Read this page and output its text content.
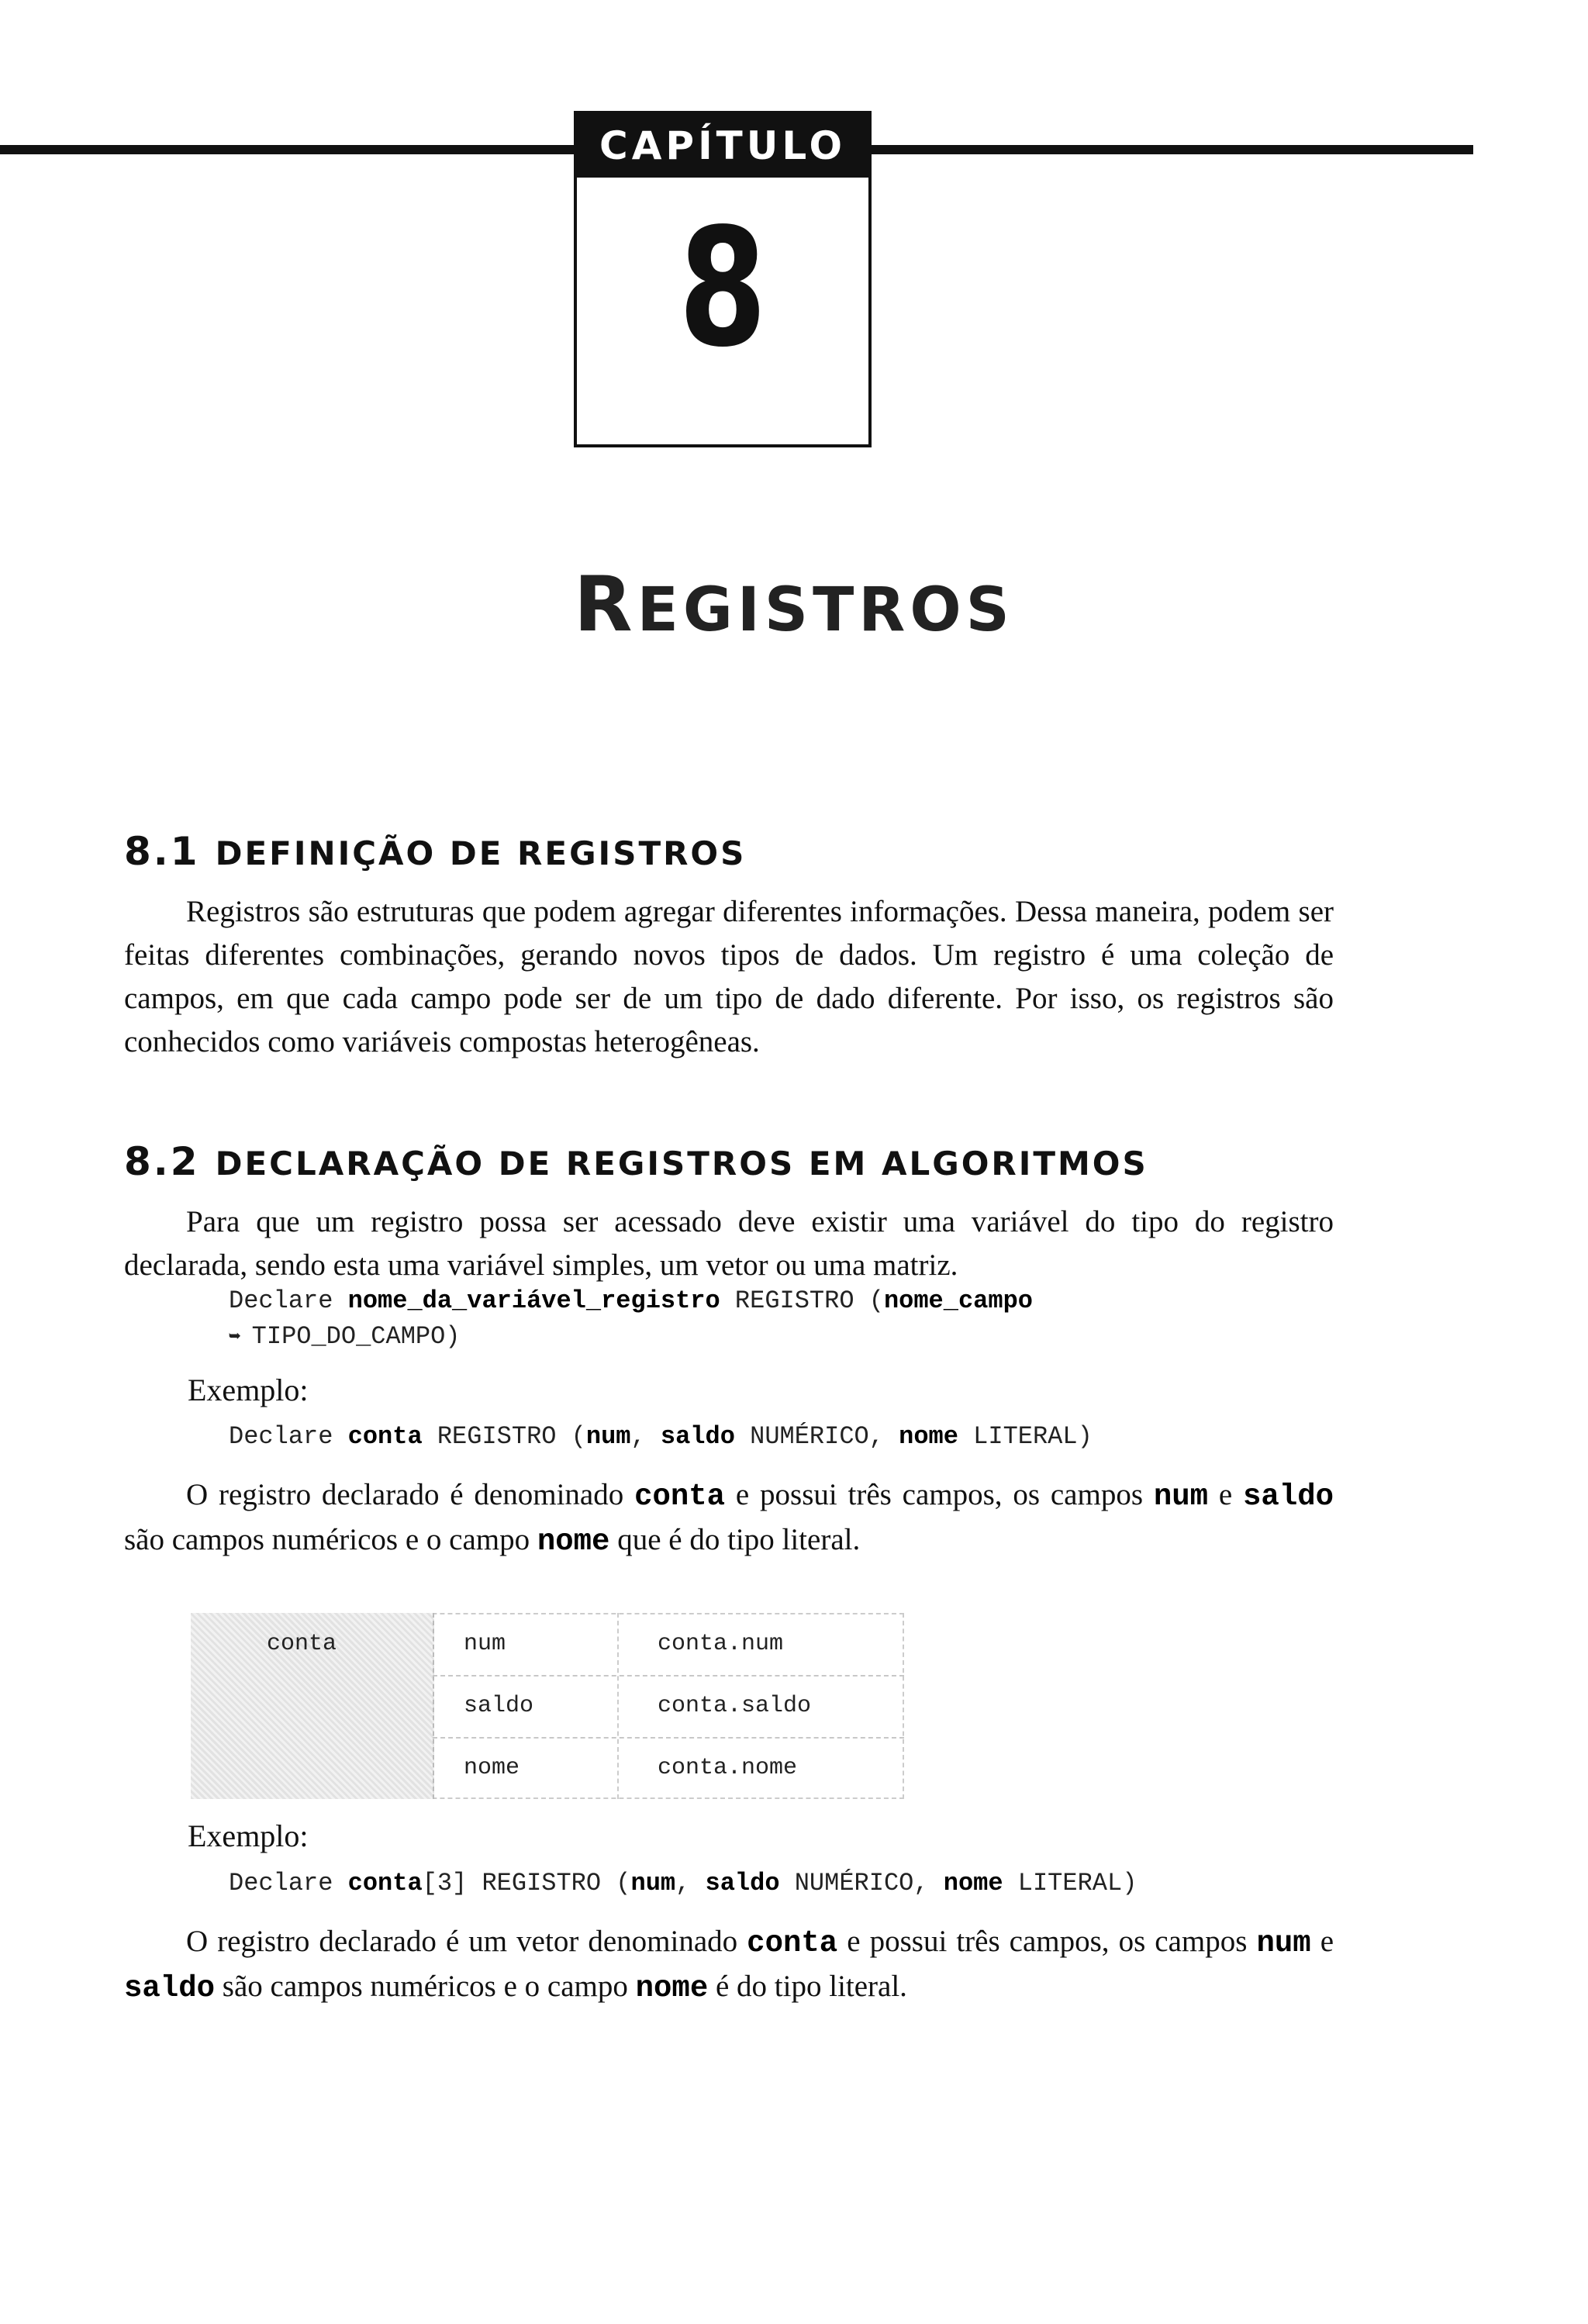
CAPÍTULO
8
REGISTROS
8.1 DEFINIÇÃO DE REGISTROS
Registros são estruturas que podem agregar diferentes informações. Dessa maneira, podem ser feitas diferentes combinações, gerando novos tipos de dados. Um registro é uma coleção de campos, em que cada campo pode ser de um tipo de dado diferente. Por isso, os registros são conhecidos como variáveis compostas heterogêneas.
8.2 DECLARAÇÃO DE REGISTROS EM ALGORITMOS
Para que um registro possa ser acessado deve existir uma variável do tipo do registro declarada, sendo esta uma variável simples, um vetor ou uma matriz.
Declare nome_da_variável_registro REGISTRO (nome_campo
➥ TIPO_DO_CAMPO)
Exemplo:
Declare conta REGISTRO (num, saldo NUMÉRICO, nome LITERAL)
O registro declarado é denominado conta e possui três campos, os campos num e saldo são campos numéricos e o campo nome que é do tipo literal.
conta	num	conta.num
saldo	conta.saldo
nome	conta.nome
Exemplo:
Declare conta[3] REGISTRO (num, saldo NUMÉRICO, nome LITERAL)
O registro declarado é um vetor denominado conta e possui três campos, os campos num e saldo são campos numéricos e o campo nome é do tipo literal.
